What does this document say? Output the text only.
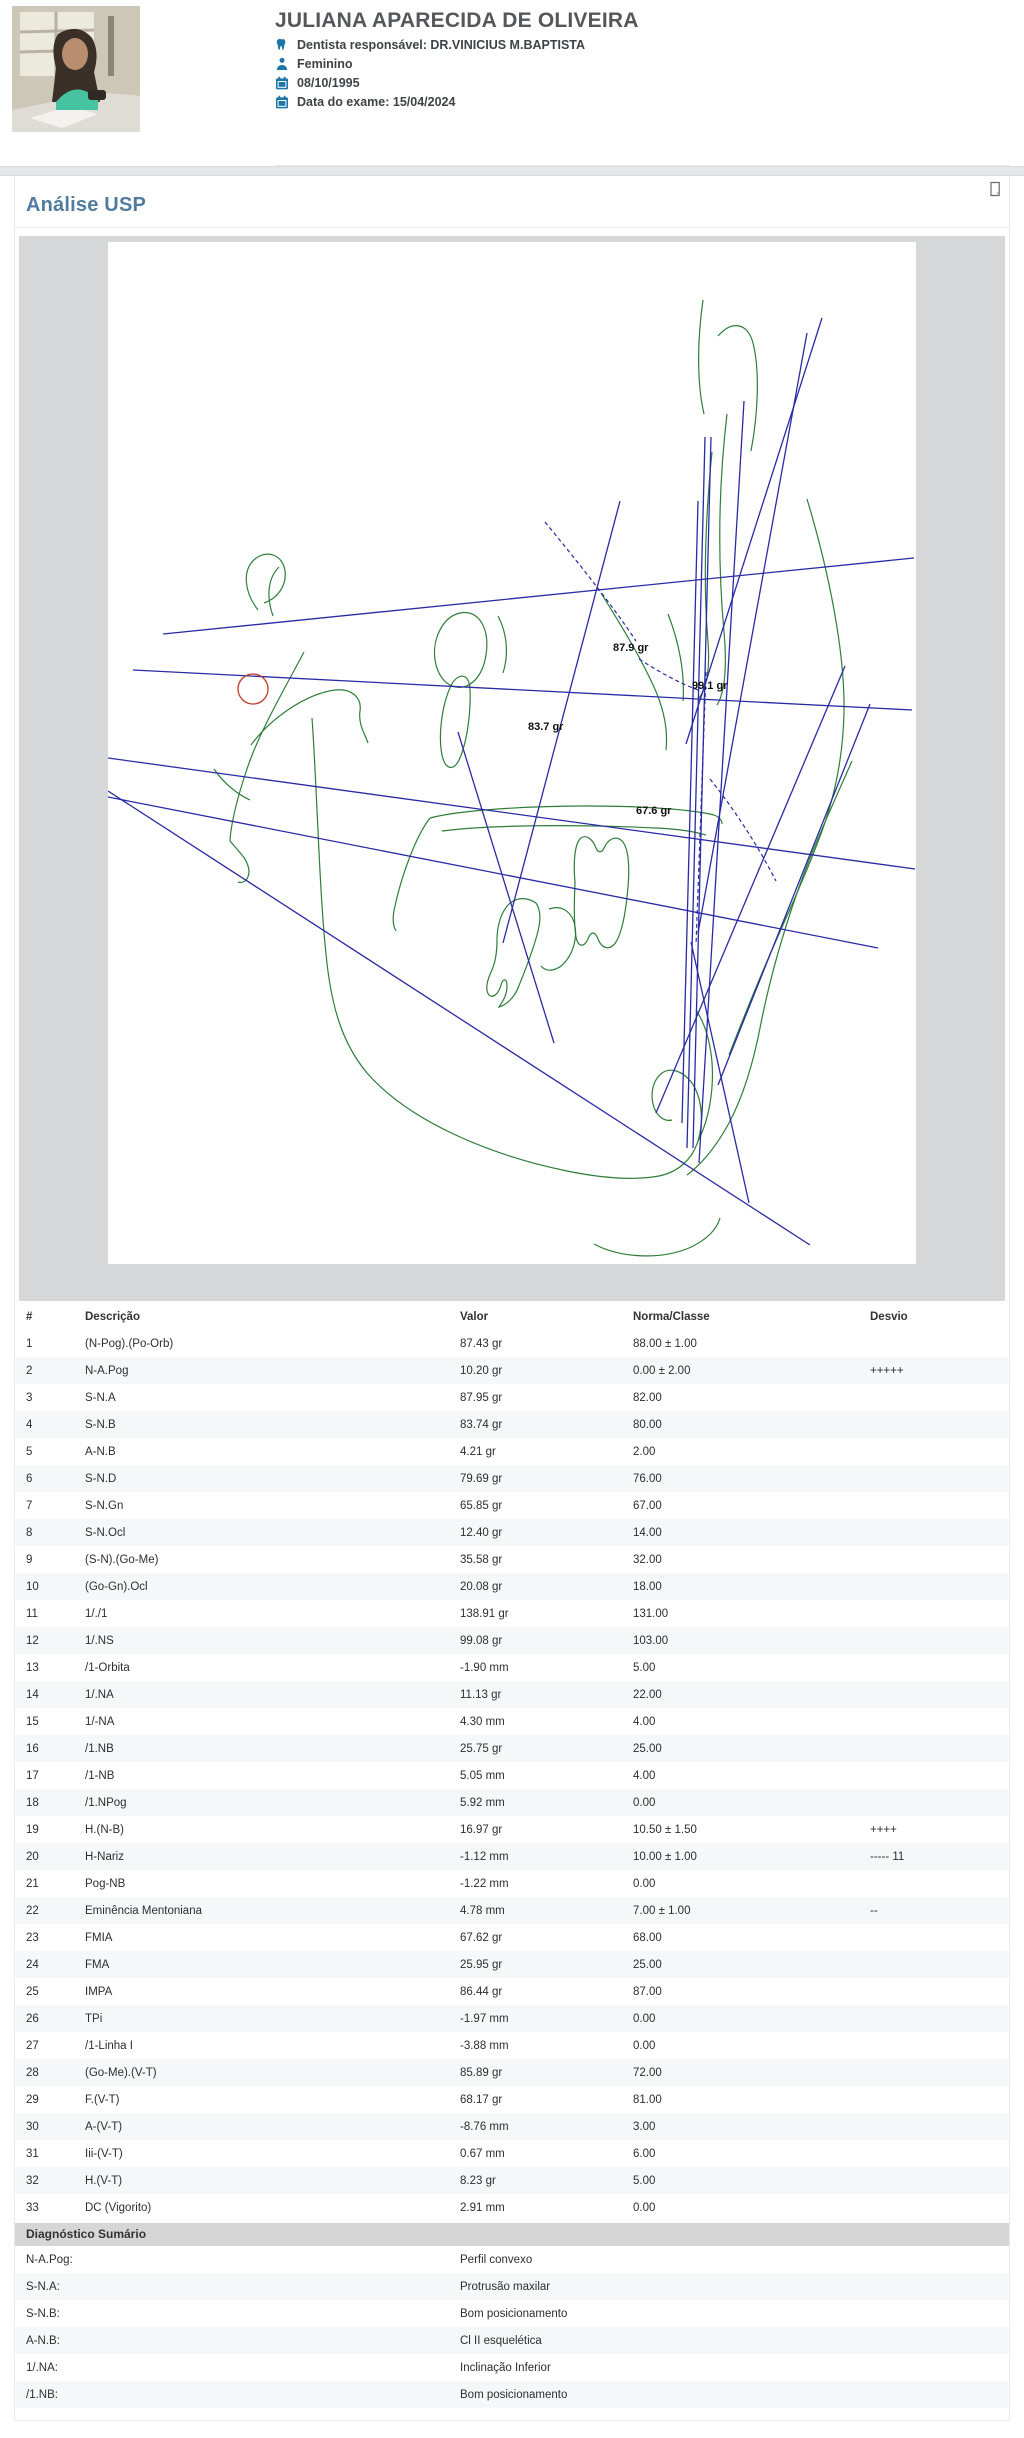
JULIANA APARECIDA DE OLIVEIRA
Dentista responsável: DR.VINICIUS M.BAPTISTA
Feminino
08/10/1995
Data do exame: 15/04/2024
Análise USP
87.9 gr
99.1 gr
83.7 gr
67.6 gr
#	Descrição	Valor	Norma/Classe	Desvio
1	(N-Pog).(Po-Orb)	87.43 gr	88.00 ± 1.00	
2	N-A.Pog	10.20 gr	0.00 ± 2.00	+++++
3	S-N.A	87.95 gr	82.00	
4	S-N.B	83.74 gr	80.00	
5	A-N.B	4.21 gr	2.00	
6	S-N.D	79.69 gr	76.00	
7	S-N.Gn	65.85 gr	67.00	
8	S-N.Ocl	12.40 gr	14.00	
9	(S-N).(Go-Me)	35.58 gr	32.00	
10	(Go-Gn).Ocl	20.08 gr	18.00	
11	1/./1	138.91 gr	131.00	
12	1/.NS	99.08 gr	103.00	
13	/1-Orbita	-1.90 mm	5.00	
14	1/.NA	11.13 gr	22.00	
15	1/-NA	4.30 mm	4.00	
16	/1.NB	25.75 gr	25.00	
17	/1-NB	5.05 mm	4.00	
18	/1.NPog	5.92 mm	0.00	
19	H.(N-B)	16.97 gr	10.50 ± 1.50	++++
20	H-Nariz	-1.12 mm	10.00 ± 1.00	----- 11
21	Pog-NB	-1.22 mm	0.00	
22	Eminência Mentoniana	4.78 mm	7.00 ± 1.00	--
23	FMIA	67.62 gr	68.00	
24	FMA	25.95 gr	25.00	
25	IMPA	86.44 gr	87.00	
26	TPi	-1.97 mm	0.00	
27	/1-Linha I	-3.88 mm	0.00	
28	(Go-Me).(V-T)	85.89 gr	72.00	
29	F.(V-T)	68.17 gr	81.00	
30	A-(V-T)	-8.76 mm	3.00	
31	Iii-(V-T)	0.67 mm	6.00	
32	H.(V-T)	8.23 gr	5.00	
33	DC (Vigorito)	2.91 mm	0.00	
Diagnóstico Sumário
N-A.Pog:	Perfil convexo
S-N.A:	Protrusão maxilar
S-N.B:	Bom posicionamento
A-N.B:	Cl II esquelética
1/.NA:	Inclinação Inferior
/1.NB:	Bom posicionamento
